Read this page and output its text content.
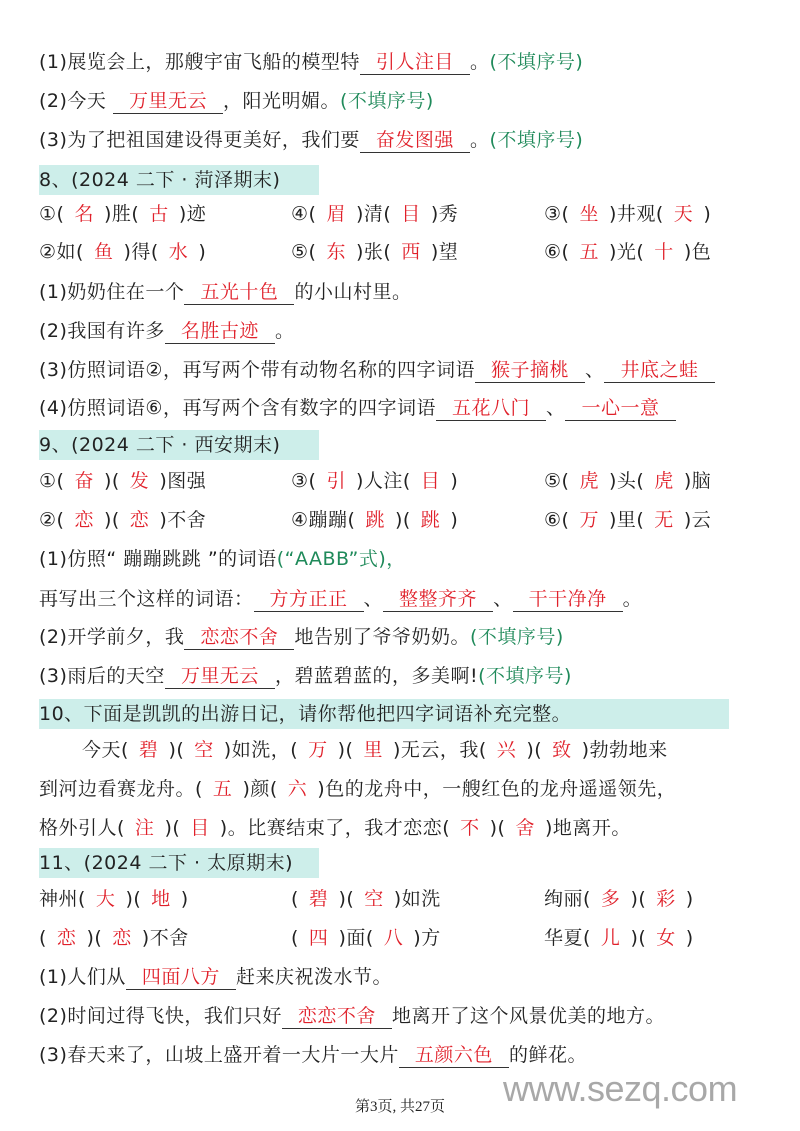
(1)展览会上，那艘宇宙飞船的模型特 引人注目 。(不填序号)
(2)今天 万里无云 ，阳光明媚。(不填序号)
(3)为了把祖国建设得更美好，我们要 奋发图强 。(不填序号)
8、(2024 二下 · 菏泽期末)
①( 名 )胜( 古 )迹	④( 眉 )清( 目 )秀	③( 坐 )井观( 天 )
②如( 鱼 )得( 水 )	⑤( 东 )张( 西 )望	⑥( 五 )光( 十 )色
(1)奶奶住在一个 五光十色 的小山村里。
(2)我国有许多 名胜古迹 。
(3)仿照词语②，再写两个带有动物名称的四字词语 猴子摘桃 、 井底之蛙
(4)仿照词语⑥，再写两个含有数字的四字词语 五花八门 、 一心一意
9、(2024 二下 · 西安期末)
①( 奋 )( 发 )图强	③( 引 )人注( 目 )	⑤( 虎 )头( 虎 )脑
②( 恋 )( 恋 )不舍	④蹦蹦( 跳 )( 跳 )	⑥( 万 )里( 无 )云
(1)仿照“ 蹦蹦跳跳 ”的词语(“AABB”式)，
再写出三个这样的词语： 方方正正 、 整整齐齐 、 干干净净 。
(2)开学前夕，我 恋恋不舍 地告别了爷爷奶奶。(不填序号)
(3)雨后的天空 万里无云 ，碧蓝碧蓝的，多美啊!(不填序号)
10、下面是凯凯的出游日记，请你帮他把四字词语补充完整。
今天( 碧 )( 空 )如洗，( 万 )( 里 )无云，我( 兴 )( 致 )勃勃地来
到河边看赛龙舟。( 五 )颜( 六 )色的龙舟中，一艘红色的龙舟遥遥领先，
格外引人( 注 )( 目 )。比赛结束了，我才恋恋( 不 )( 舍 )地离开。
11、(2024 二下 · 太原期末)
神州( 大 )( 地 )	( 碧 )( 空 )如洗	绚丽( 多 )( 彩 )
( 恋 )( 恋 )不舍	( 四 )面( 八 )方	华夏( 儿 )( 女 )
(1)人们从 四面八方 赶来庆祝泼水节。
(2)时间过得飞快，我们只好 恋恋不舍 地离开了这个风景优美的地方。
(3)春天来了，山坡上盛开着一大片一大片 五颜六色 的鲜花。
www.sezq.com
第3页, 共27页
